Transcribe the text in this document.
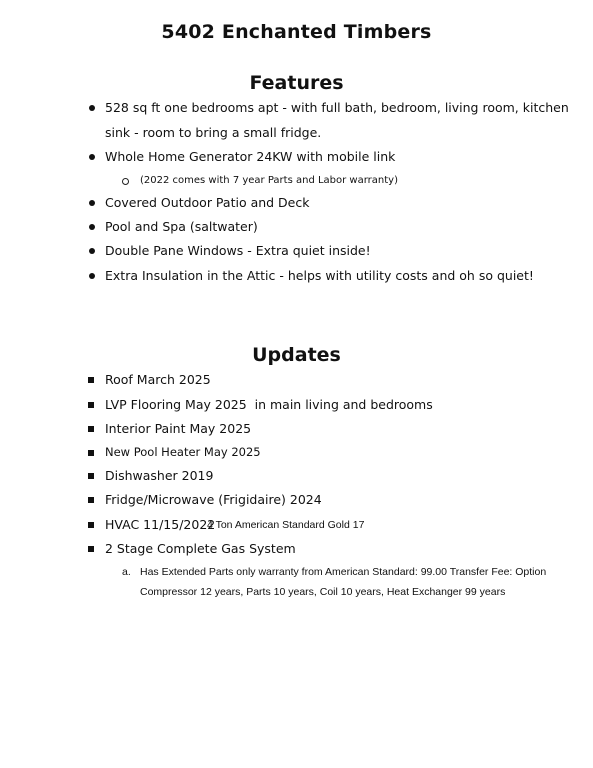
5402 Enchanted Timbers
Features
528 sq ft one bedrooms apt - with full bath, bedroom, living room, kitchen
sink - room to bring a small fridge.
Whole Home Generator 24KW with mobile link
(2022 comes with 7 year Parts and Labor warranty)
Covered Outdoor Patio and Deck
Pool and Spa (saltwater)
Double Pane Windows - Extra quiet inside!
Extra Insulation in the Attic - helps with utility costs and oh so quiet!
Updates
Roof March 2025
LVP Flooring May 2025  in main living and bedrooms
Interior Paint May 2025
New Pool Heater May 2025
Dishwasher 2019
Fridge/Microwave (Frigidaire) 2024
HVAC 11/15/2022
4 Ton American Standard Gold 17
2 Stage Complete Gas System
a. Has Extended Parts only warranty from American Standard: 99.00 Transfer Fee: Option
Compressor 12 years, Parts 10 years, Coil 10 years, Heat Exchanger 99 years
